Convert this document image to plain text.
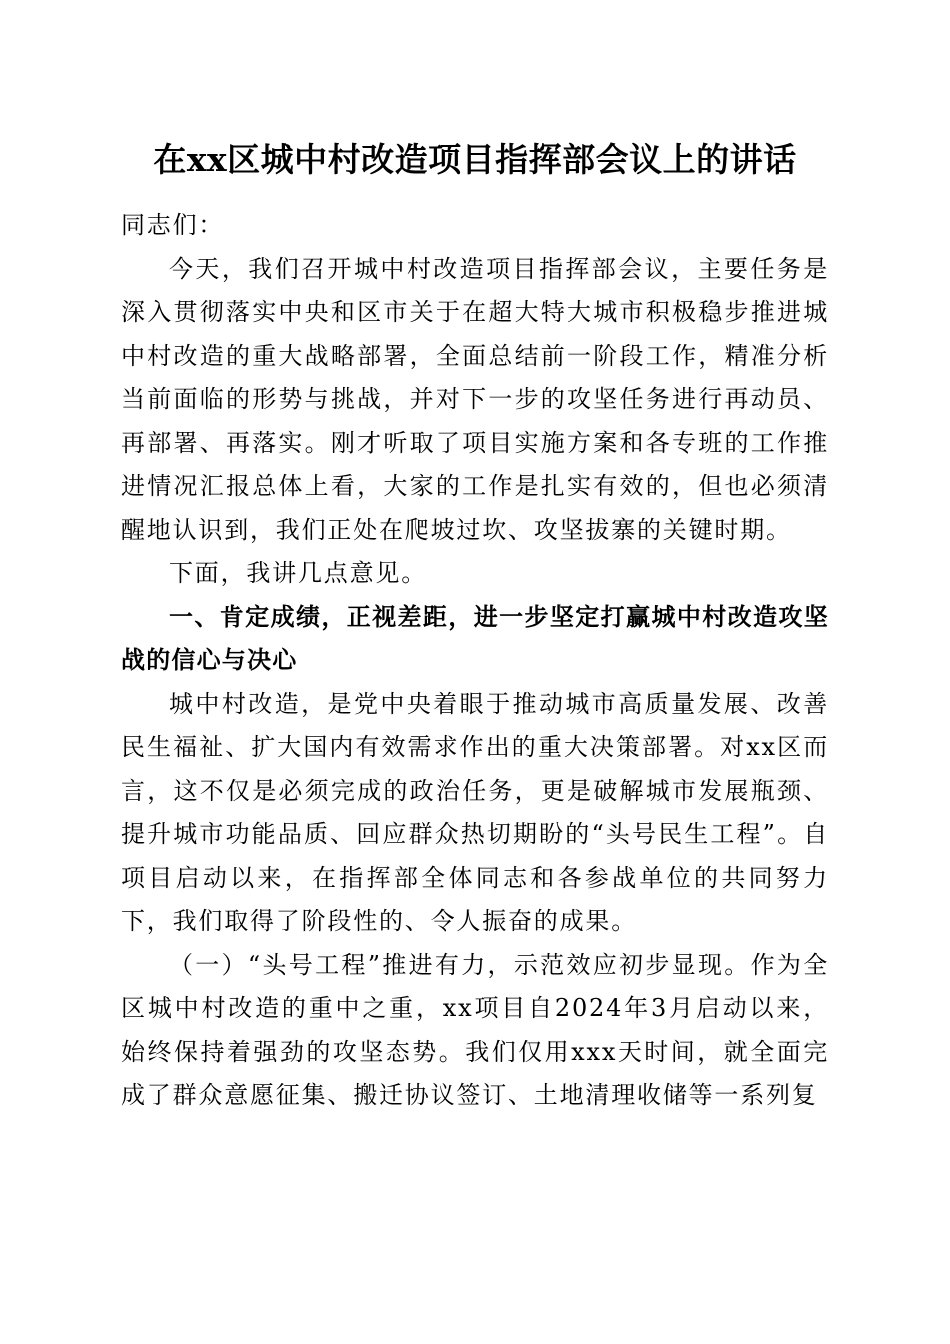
在xx区城中村改造项目指挥部会议上的讲话

同志们：

今天，我们召开城中村改造项目指挥部会议，主要任务是深入贯彻落实中央和区市关于在超大特大城市积极稳步推进城中村改造的重大战略部署，全面总结前一阶段工作，精准分析当前面临的形势与挑战，并对下一步的攻坚任务进行再动员、再部署、再落实。刚才听取了项目实施方案和各专班的工作推进情况汇报总体上看，大家的工作是扎实有效的，但也必须清醒地认识到，我们正处在爬坡过坎、攻坚拔寨的关键时期。

下面，我讲几点意见。

一、肯定成绩，正视差距，进一步坚定打赢城中村改造攻坚战的信心与决心

城中村改造，是党中央着眼于推动城市高质量发展、改善民生福祉、扩大国内有效需求作出的重大决策部署。对xx区而言，这不仅是必须完成的政治任务，更是破解城市发展瓶颈、提升城市功能品质、回应群众热切期盼的“头号民生工程”。自项目启动以来，在指挥部全体同志和各参战单位的共同努力下，我们取得了阶段性的、令人振奋的成果。

（一）“头号工程”推进有力，示范效应初步显现。作为全区城中村改造的重中之重，xx项目自2024年3月启动以来，始终保持着强劲的攻坚态势。我们仅用xxx天时间，就全面完成了群众意愿征集、搬迁协议签订、土地清理收储等一系列复
